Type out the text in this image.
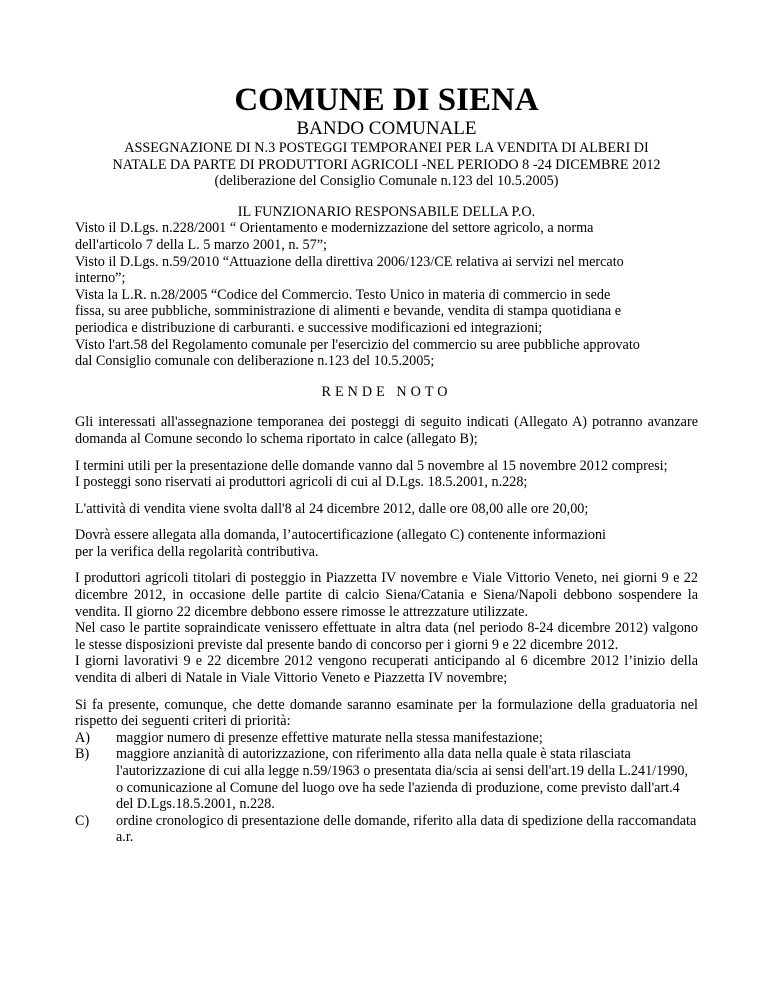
COMUNE DI SIENA
BANDO COMUNALE

ASSEGNAZIONE DI N.3 POSTEGGI TEMPORANEI PER LA VENDITA DI ALBERI DI

NATALE DA PARTE DI PRODUTTORI AGRICOLI -NEL PERIODO 8 -24 DICEMBRE 2012

(deliberazione del Consiglio Comunale n.123 del 10.5.2005)

IL FUNZIONARIO RESPONSABILE DELLA P.O.

Visto il D.Lgs. n.228/2001 “ Orientamento e modernizzazione del settore agricolo, a norma

dell'articolo 7 della L. 5 marzo 2001, n. 57”;

Visto il D.Lgs. n.59/2010 “Attuazione della direttiva 2006/123/CE relativa ai servizi nel mercato

interno”;

Vista la L.R. n.28/2005 “Codice del Commercio. Testo Unico in materia di commercio in sede

fissa, su aree pubbliche, somministrazione di alimenti e bevande, vendita di stampa quotidiana e

periodica e distribuzione di carburanti. e successive modificazioni ed integrazioni;

Visto l'art.58 del Regolamento comunale per l'esercizio del commercio su aree pubbliche approvato

dal Consiglio comunale con deliberazione n.123 del 10.5.2005;

RENDE NOTO

Gli interessati all'assegnazione temporanea dei posteggi di seguito indicati (Allegato A) potranno avanzare domanda al Comune secondo lo schema riportato in calce (allegato B);

I termini utili per la presentazione delle domande vanno dal 5 novembre al 15 novembre 2012 compresi;

I posteggi sono riservati ai produttori agricoli di cui al D.Lgs. 18.5.2001, n.228;

L'attività di vendita viene svolta dall'8 al 24 dicembre 2012, dalle ore 08,00 alle ore 20,00;

Dovrà essere allegata alla domanda, l’autocertificazione (allegato C) contenente informazioni

per la verifica della regolarità contributiva.

I produttori agricoli titolari di posteggio in Piazzetta IV novembre e Viale Vittorio Veneto, nei giorni 9 e 22 dicembre 2012, in occasione delle partite di calcio Siena/Catania e Siena/Napoli debbono sospendere la vendita. Il giorno 22 dicembre debbono essere rimosse le attrezzature utilizzate.

Nel caso le partite sopraindicate venissero effettuate in altra data (nel periodo 8-24 dicembre 2012) valgono le stesse disposizioni previste dal presente bando di concorso per i giorni 9 e 22 dicembre 2012.

I giorni lavorativi 9 e 22 dicembre 2012 vengono recuperati anticipando al 6 dicembre 2012 l’inizio della vendita di alberi di Natale in Viale Vittorio Veneto e Piazzetta IV novembre;

Si fa presente, comunque, che dette domande saranno esaminate per la formulazione della graduatoria nel rispetto dei seguenti criteri di priorità:

A)	maggior numero di presenze effettive maturate nella stessa manifestazione;
B)	maggiore anzianità di autorizzazione, con riferimento alla data nella quale è stata rilasciata l'autorizzazione di cui alla legge n.59/1963 o presentata dia/scia ai sensi dell'art.19 della L.241/1990, o comunicazione al Comune del luogo ove ha sede l'azienda di produzione, come previsto dall'art.4 del D.Lgs.18.5.2001, n.228.
C)	ordine cronologico di presentazione delle domande, riferito alla data di spedizione della raccomandata a.r.
